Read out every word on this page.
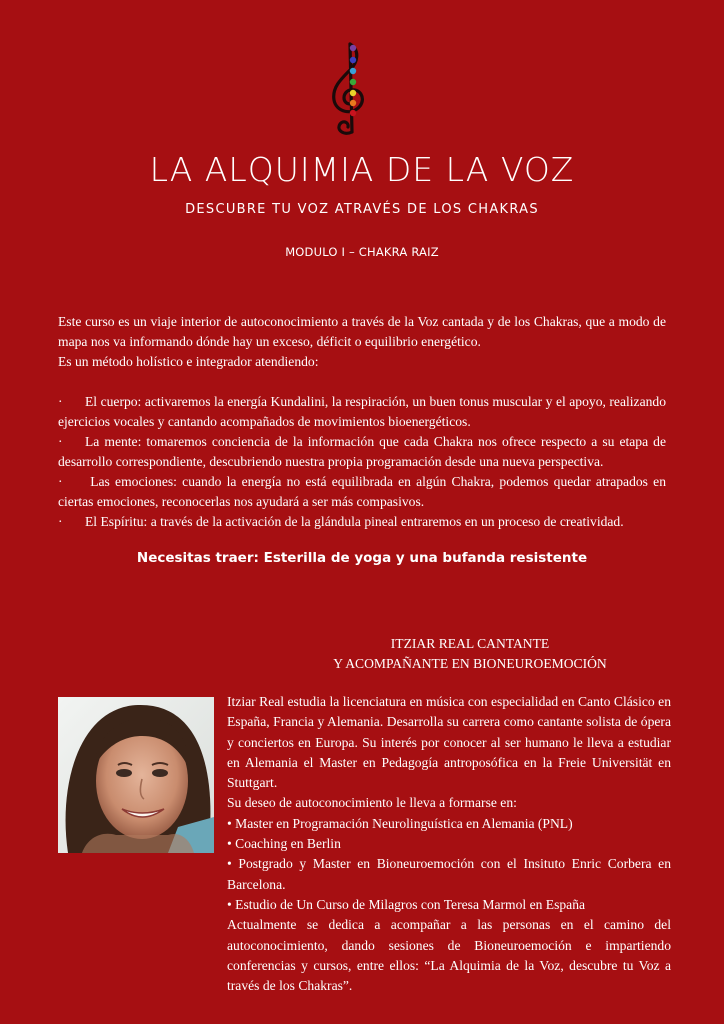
LA ALQUIMIA DE LA VOZ
DESCUBRE TU VOZ ATRAVÉS DE LOS CHAKRAS
MODULO I – CHAKRA RAIZ

Este curso es un viaje interior de autoconocimiento a través de la Voz cantada y de los Chakras, que a modo de mapa nos va informando dónde hay un exceso, déficit o equilibrio energético.

Es un método holístico e integrador atendiendo:

· El cuerpo: activaremos la energía Kundalini, la respiración, un buen tonus muscular y el apoyo, realizando ejercicios vocales y cantando acompañados de movimientos bioenergéticos.

· La mente: tomaremos conciencia de la información que cada Chakra nos ofrece respecto a su etapa de desarrollo correspondiente, descubriendo nuestra propia programación desde una nueva perspectiva.

· Las emociones: cuando la energía no está equilibrada en algún Chakra, podemos quedar atrapados en ciertas emociones, reconocerlas nos ayudará a ser más compasivos.

· El Espíritu: a través de la activación de la glándula pineal entraremos en un proceso de creatividad.

Necesitas traer: Esterilla de yoga y una bufanda resistente
ITZIAR REAL CANTANTE
Y ACOMPAÑANTE EN BIONEUROEMOCIÓN

Itziar Real estudia la licenciatura en música con especialidad en Canto Clásico en España, Francia y Alemania. Desarrolla su carrera como cantante solista de ópera y conciertos en Europa. Su interés por conocer al ser humano le lleva a estudiar en Alemania el Master en Pedagogía antroposófica en la Freie Universität en Stuttgart.

Su deseo de autoconocimiento le lleva a formarse en:

• Master en Programación Neurolinguística en Alemania (PNL)

• Coaching en Berlin

• Postgrado y Master en Bioneuroemoción con el Insituto Enric Corbera en Barcelona.

• Estudio de Un Curso de Milagros con Teresa Marmol en España

Actualmente se dedica a acompañar a las personas en el camino del autoconocimiento, dando sesiones de Bioneuroemoción e impartiendo conferencias y cursos, entre ellos: “La Alquimia de la Voz, descubre tu Voz a través de los Chakras”.
